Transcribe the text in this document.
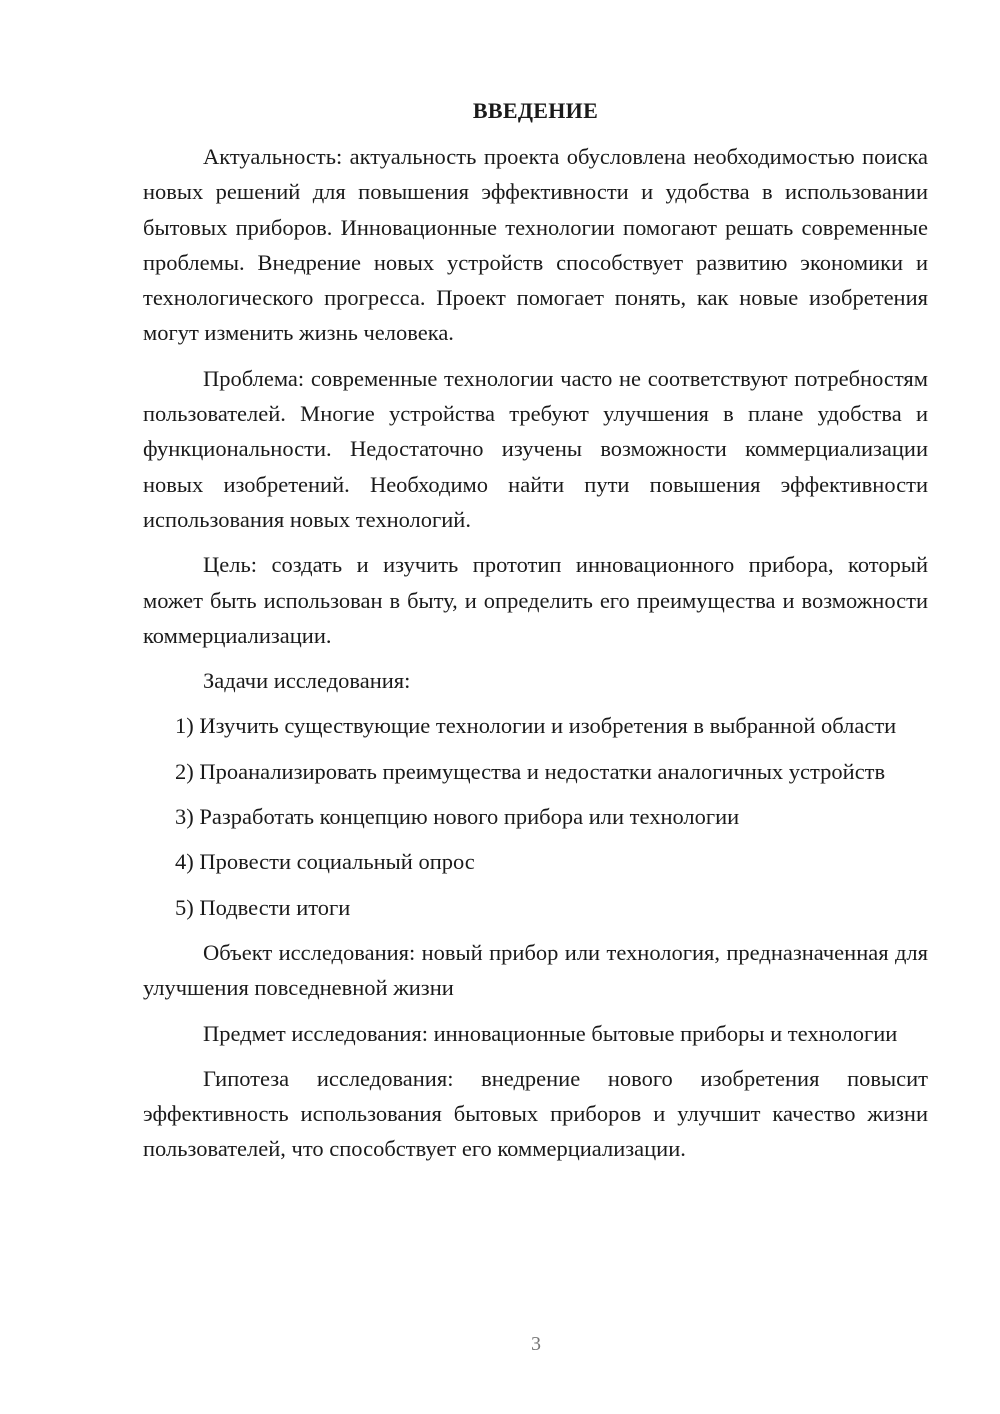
ВВЕДЕНИЕ

Актуальность: актуальность проекта обусловлена необходимостью поиска новых решений для повышения эффективности и удобства в использовании бытовых приборов. Инновационные технологии помогают решать современные проблемы. Внедрение новых устройств способствует развитию экономики и технологического прогресса. Проект помогает понять, как новые изобретения могут изменить жизнь человека.

Проблема: современные технологии часто не соответствуют потребностям пользователей. Многие устройства требуют улучшения в плане удобства и функциональности. Недостаточно изучены возможности коммерциализации новых изобретений. Необходимо найти пути повышения эффективности использования новых технологий.

Цель: создать и изучить прототип инновационного прибора, который может быть использован в быту, и определить его преимущества и возможности коммерциализации.

Задачи исследования:

1) Изучить существующие технологии и изобретения в выбранной области

2) Проанализировать преимущества и недостатки аналогичных устройств

3) Разработать концепцию нового прибора или технологии

4) Провести социальный опрос

5) Подвести итоги

Объект исследования: новый прибор или технология, предназначенная для улучшения повседневной жизни

Предмет исследования: инновационные бытовые приборы и технологии

Гипотеза исследования: внедрение нового изобретения повысит эффективность использования бытовых приборов и улучшит качество жизни пользователей, что способствует его коммерциализации.

3
